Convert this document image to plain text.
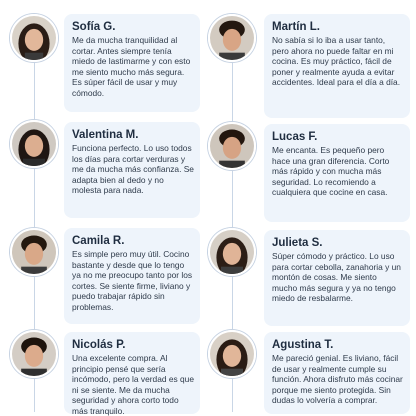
Sofía G.
Me da mucha tranquilidad al cortar. Antes siempre tenía miedo de lastimarme y con esto me siento mucho más segura. Es súper fácil de usar y muy cómodo.
Valentina M.
Funciona perfecto. Lo uso todos los días para cortar verduras y me da mucha más confianza. Se adapta bien al dedo y no molesta para nada.
Camila R.
Es simple pero muy útil. Cocino bastante y desde que lo tengo ya no me preocupo tanto por los cortes. Se siente firme, liviano y puedo trabajar rápido sin problemas.
Nicolás P.
Una excelente compra. Al principio pensé que sería incómodo, pero la verdad es que ni se siente. Me da mucha seguridad y ahora corto todo más tranquilo.
Martín L.
No sabía si lo iba a usar tanto, pero ahora no puede faltar en mi cocina. Es muy práctico, fácil de poner y realmente ayuda a evitar accidentes. Ideal para el día a día.
Lucas F.
Me encanta. Es pequeño pero hace una gran diferencia. Corto más rápido y con mucha más seguridad. Lo recomiendo a cualquiera que cocine en casa.
Julieta S.
Súper cómodo y práctico. Lo uso para cortar cebolla, zanahoria y un montón de cosas. Me siento mucho más segura y ya no tengo miedo de resbalarme.
Agustina T.
Me pareció genial. Es liviano, fácil de usar y realmente cumple su función. Ahora disfruto más cocinar porque me siento protegida. Sin dudas lo volvería a comprar.
